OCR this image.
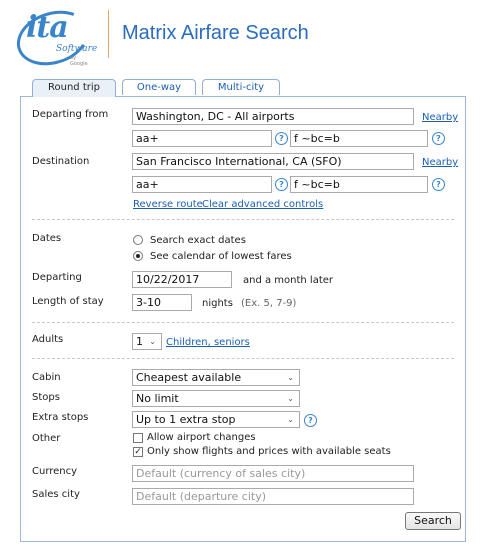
ita
Software
by Google
Matrix Airfare Search
Round trip	One-way	Multi-city
Departing from	Washington, DC - All airports	Nearby
aa+	? f ~bc=b	?
Destination	San Francisco International, CA (SFO)	Nearby
aa+	? f ~bc=b	?
Reverse route Clear advanced controls
Dates	Search exact dates
See calendar of lowest fares
Departing	10/22/2017	and a month later
Length of stay	3-10	nights (Ex. 5, 7-9)
Adults	1 ⌄ Children, seniors
Cabin	Cheapest available	⌄
Stops	No limit	⌄
Extra stops	Up to 1 extra stop	⌄	?
Other	Allow airport changes
✓ Only show flights and prices with available seats
Currency	Default (currency of sales city)
Sales city	Default (departure city)
Search
